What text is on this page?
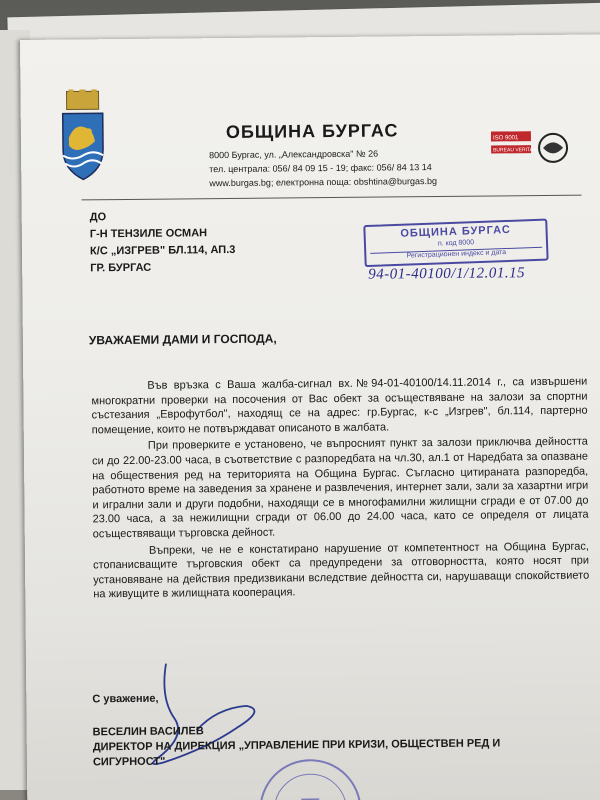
ОБЩИНА БУРГАС
8000 Бургас, ул. „Александровска" № 26
тел. централа: 056/ 84 09 15 - 19; факс: 056/ 84 13 14
www.burgas.bg; електронна поща: obshtina@burgas.bg
ISO 9001
BUREAU VERITAS
ДО
Г-Н ТЕНЗИЛЕ ОСМАН
К/С „ИЗГРЕВ" БЛ.114, АП.3
ГР. БУРГАС
ОБЩИНА БУРГАС
п. код 8000
Регистрационен индекс и дата
94-01-40100/1/12.01.15
УВАЖАЕМИ ДАМИ И ГОСПОДА,

Във връзка с Ваша жалба-сигнал вх.№94-01-40100/14.11.2014 г., са извършени многократни проверки на посочения от Вас обект за осъществяване на залози за спортни състезания „Еврофутбол", находящ се на адрес: гр.Бургас, к-с „Изгрев", бл.114, партерно помещение, които не потвърждават описаното в жалбата.

При проверките е установено, че въпросният пункт за залози приключва дейността си до 22.00-23.00 часа, в съответствие с разпоредбата на чл.30, ал.1 от Наредбата за опазване на обществения ред на територията на Община Бургас. Съгласно цитираната разпоредба, работното време на заведения за хранене и развлечения, интернет зали, зали за хазартни игри и игрални зали и други подобни, находящи се в многофамилни жилищни сгради е от 07.00 до 23.00 часа, а за нежилищни сгради от 06.00 до 24.00 часа, като се определя от лицата осъществяващи търговска дейност.

Въпреки, че не е констатирано нарушение от компетентност на Община Бургас, стопанисващите търговския обект са предупредени за отговорността, която носят при установяване на действия предизвикани вследствие дейността си, нарушаващи спокойствието на живущите в жилищната кооперация.

С уважение,
ВЕСЕЛИН ВАСИЛЕВ
ДИРЕКТОР НА ДИРЕКЦИЯ „УПРАВЛЕНИЕ ПРИ КРИЗИ, ОБЩЕСТВЕН РЕД И СИГУРНОСТ"
